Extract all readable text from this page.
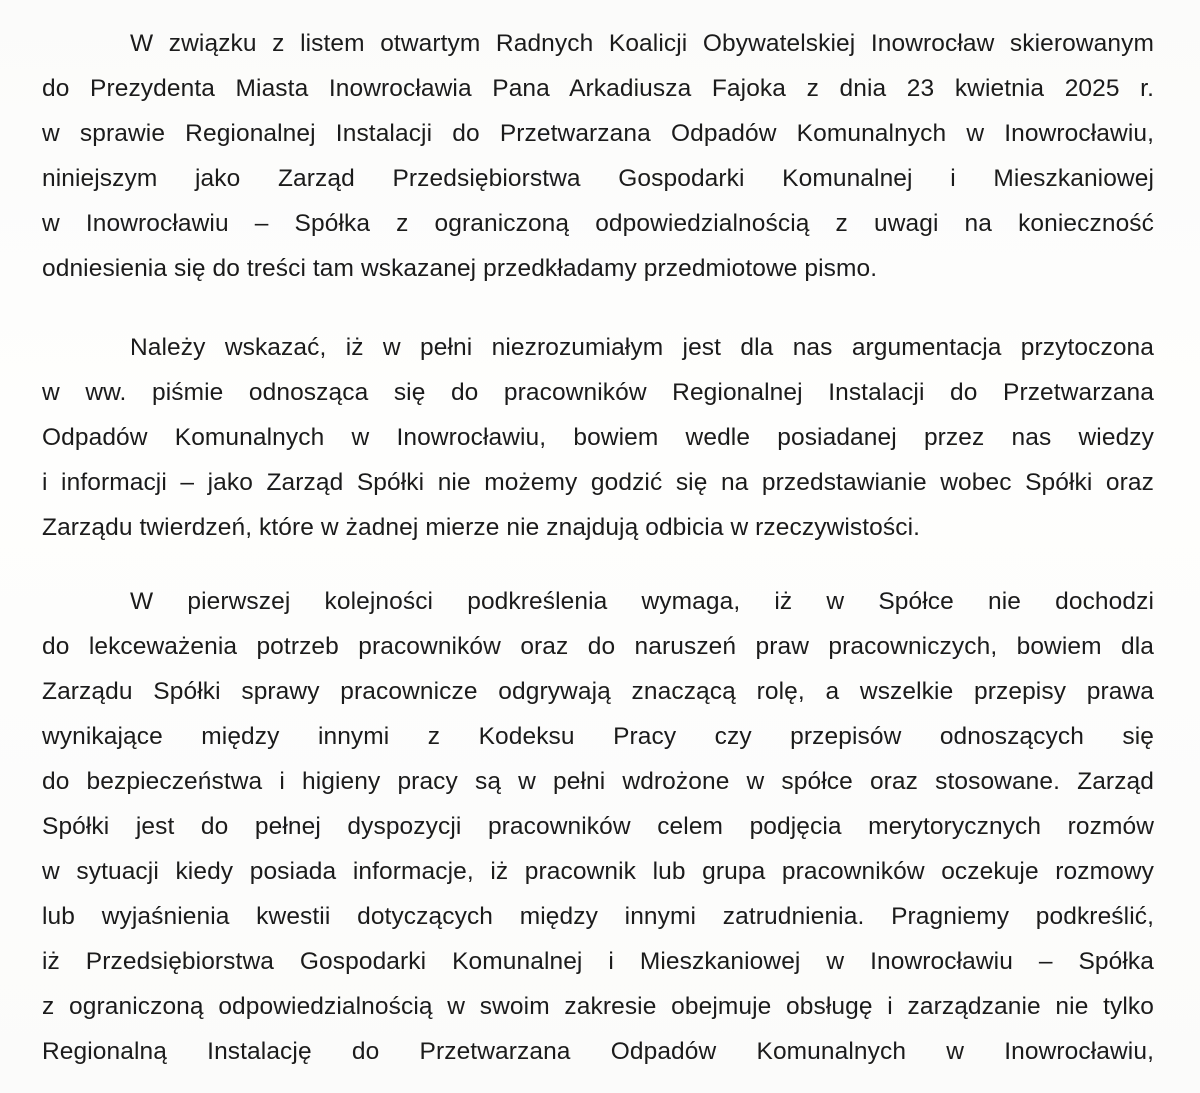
W związku z listem otwartym Radnych Koalicji Obywatelskiej Inowrocław skierowanym
do Prezydenta Miasta Inowrocławia Pana Arkadiusza Fajoka z dnia 23 kwietnia 2025 r.
w sprawie Regionalnej Instalacji do Przetwarzana Odpadów Komunalnych w Inowrocławiu,
niniejszym jako Zarząd Przedsiębiorstwa Gospodarki Komunalnej i Mieszkaniowej
w Inowrocławiu – Spółka z ograniczoną odpowiedzialnością z uwagi na konieczność
odniesienia się do treści tam wskazanej przedkładamy przedmiotowe pismo.
Należy wskazać, iż w pełni niezrozumiałym jest dla nas argumentacja przytoczona
w ww. piśmie odnosząca się do pracowników Regionalnej Instalacji do Przetwarzana
Odpadów Komunalnych w Inowrocławiu, bowiem wedle posiadanej przez nas wiedzy
i informacji – jako Zarząd Spółki nie możemy godzić się na przedstawianie wobec Spółki oraz
Zarządu twierdzeń, które w żadnej mierze nie znajdują odbicia w rzeczywistości.
W pierwszej kolejności podkreślenia wymaga, iż w Spółce nie dochodzi
do lekceważenia potrzeb pracowników oraz do naruszeń praw pracowniczych, bowiem dla
Zarządu Spółki sprawy pracownicze odgrywają znaczącą rolę, a wszelkie przepisy prawa
wynikające między innymi z Kodeksu Pracy czy przepisów odnoszących się
do bezpieczeństwa i higieny pracy są w pełni wdrożone w spółce oraz stosowane. Zarząd
Spółki jest do pełnej dyspozycji pracowników celem podjęcia merytorycznych rozmów
w sytuacji kiedy posiada informacje, iż pracownik lub grupa pracowników oczekuje rozmowy
lub wyjaśnienia kwestii dotyczących między innymi zatrudnienia. Pragniemy podkreślić,
iż Przedsiębiorstwa Gospodarki Komunalnej i Mieszkaniowej w Inowrocławiu – Spółka
z ograniczoną odpowiedzialnością w swoim zakresie obejmuje obsługę i zarządzanie nie tylko
Regionalną Instalację do Przetwarzana Odpadów Komunalnych w Inowrocławiu,
